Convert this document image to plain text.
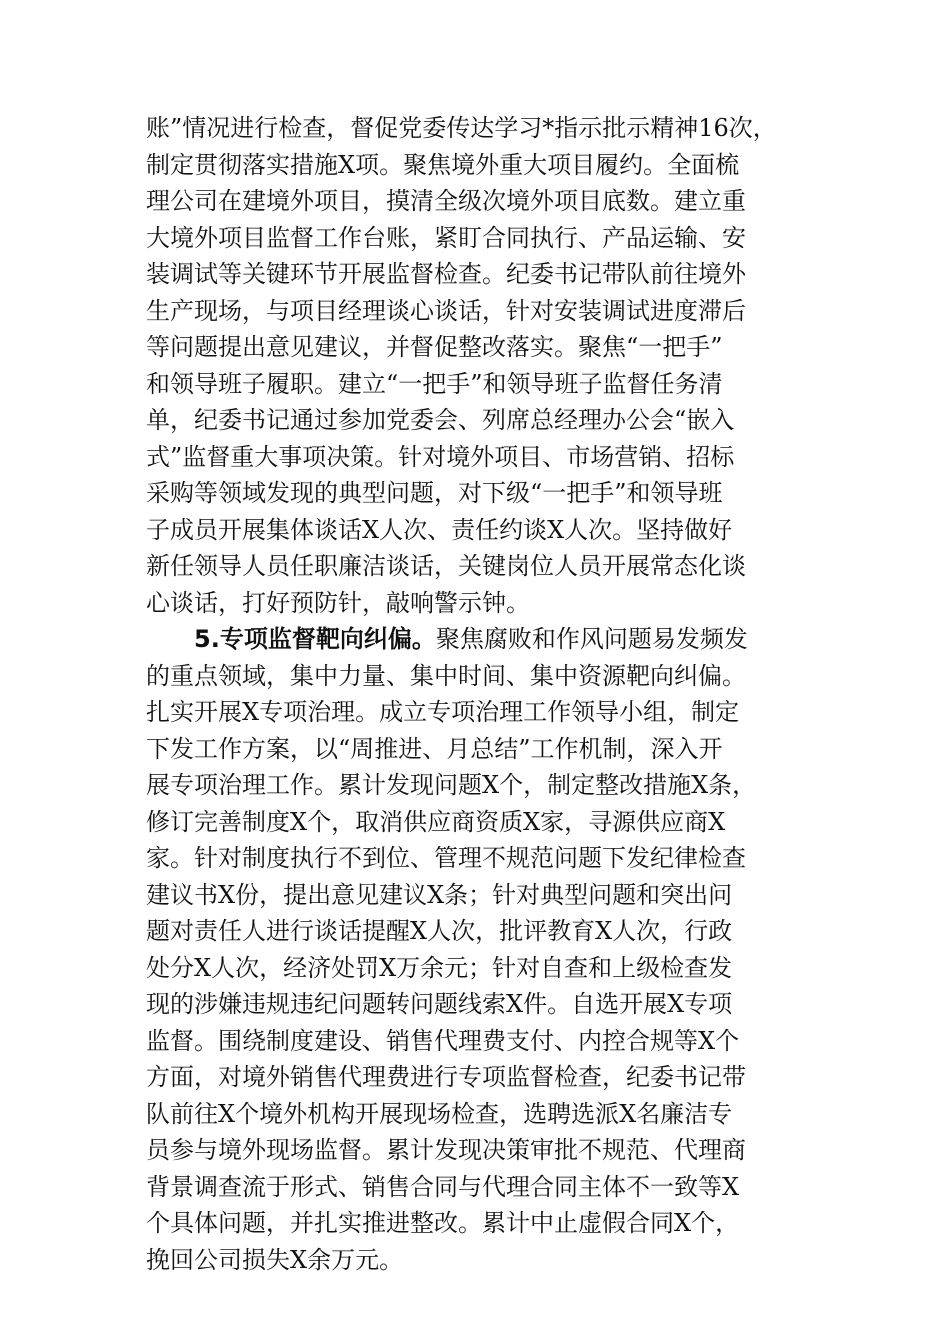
账”情况进行检查，督促党委传达学习*指示批示精神16次，
制定贯彻落实措施X项。聚焦境外重大项目履约。全面梳
理公司在建境外项目，摸清全级次境外项目底数。建立重
大境外项目监督工作台账，紧盯合同执行、产品运输、安
装调试等关键环节开展监督检查。纪委书记带队前往境外
生产现场，与项目经理谈心谈话，针对安装调试进度滞后
等问题提出意见建议，并督促整改落实。聚焦“一把手”
和领导班子履职。建立“一把手”和领导班子监督任务清
单，纪委书记通过参加党委会、列席总经理办公会“嵌入
式”监督重大事项决策。针对境外项目、市场营销、招标
采购等领域发现的典型问题，对下级“一把手”和领导班
子成员开展集体谈话X人次、责任约谈X人次。坚持做好
新任领导人员任职廉洁谈话，关键岗位人员开展常态化谈
心谈话，打好预防针，敲响警示钟。
5.专项监督靶向纠偏。聚焦腐败和作风问题易发频发
的重点领域，集中力量、集中时间、集中资源靶向纠偏。
扎实开展X专项治理。成立专项治理工作领导小组，制定
下发工作方案，以“周推进、月总结”工作机制，深入开
展专项治理工作。累计发现问题X个，制定整改措施X条，
修订完善制度X个，取消供应商资质X家，寻源供应商X
家。针对制度执行不到位、管理不规范问题下发纪律检查
建议书X份，提出意见建议X条；针对典型问题和突出问
题对责任人进行谈话提醒X人次，批评教育X人次，行政
处分X人次，经济处罚X万余元；针对自查和上级检查发
现的涉嫌违规违纪问题转问题线索X件。自选开展X专项
监督。围绕制度建设、销售代理费支付、内控合规等X个
方面，对境外销售代理费进行专项监督检查，纪委书记带
队前往X个境外机构开展现场检查，选聘选派X名廉洁专
员参与境外现场监督。累计发现决策审批不规范、代理商
背景调查流于形式、销售合同与代理合同主体不一致等X
个具体问题，并扎实推进整改。累计中止虚假合同X个，
挽回公司损失X余万元。
